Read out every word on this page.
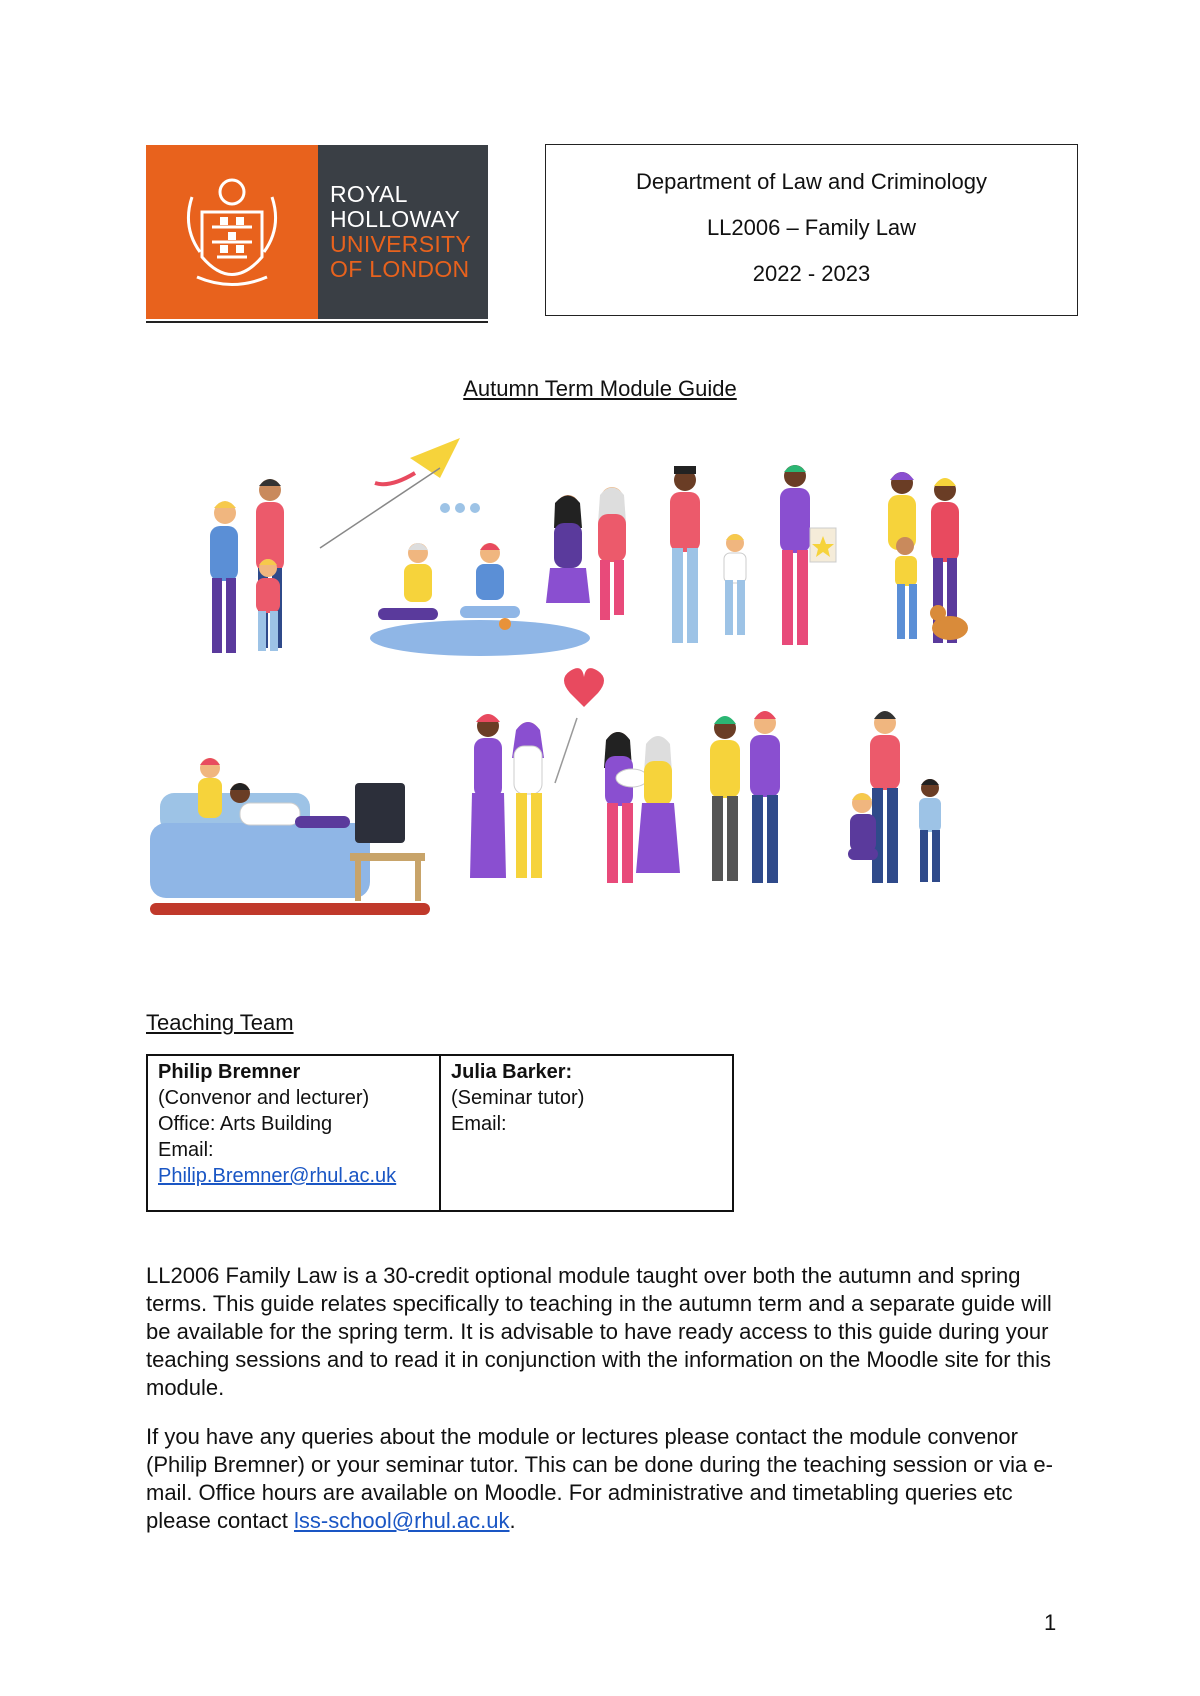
ROYAL
HOLLOWAY
UNIVERSITY
OF LONDON
Department of Law and Criminology
LL2006 – Family Law
2022 - 2023
Autumn Term Module Guide
Teaching Team
Philip Bremner
(Convenor and lecturer)
Office: Arts Building
Email:
Philip.Bremner@rhul.ac.uk

Julia Barker:
(Seminar tutor)
Email:
LL2006 Family Law is a 30-credit optional module taught over both the autumn and spring terms. This guide relates specifically to teaching in the autumn term and a separate guide will be available for the spring term. It is advisable to have ready access to this guide during your teaching sessions and to read it in conjunction with the information on the Moodle site for this module.
If you have any queries about the module or lectures please contact the module convenor (Philip Bremner) or your seminar tutor. This can be done during the teaching session or via e-mail. Office hours are available on Moodle. For administrative and timetabling queries etc please contact lss-school@rhul.ac.uk.
1
